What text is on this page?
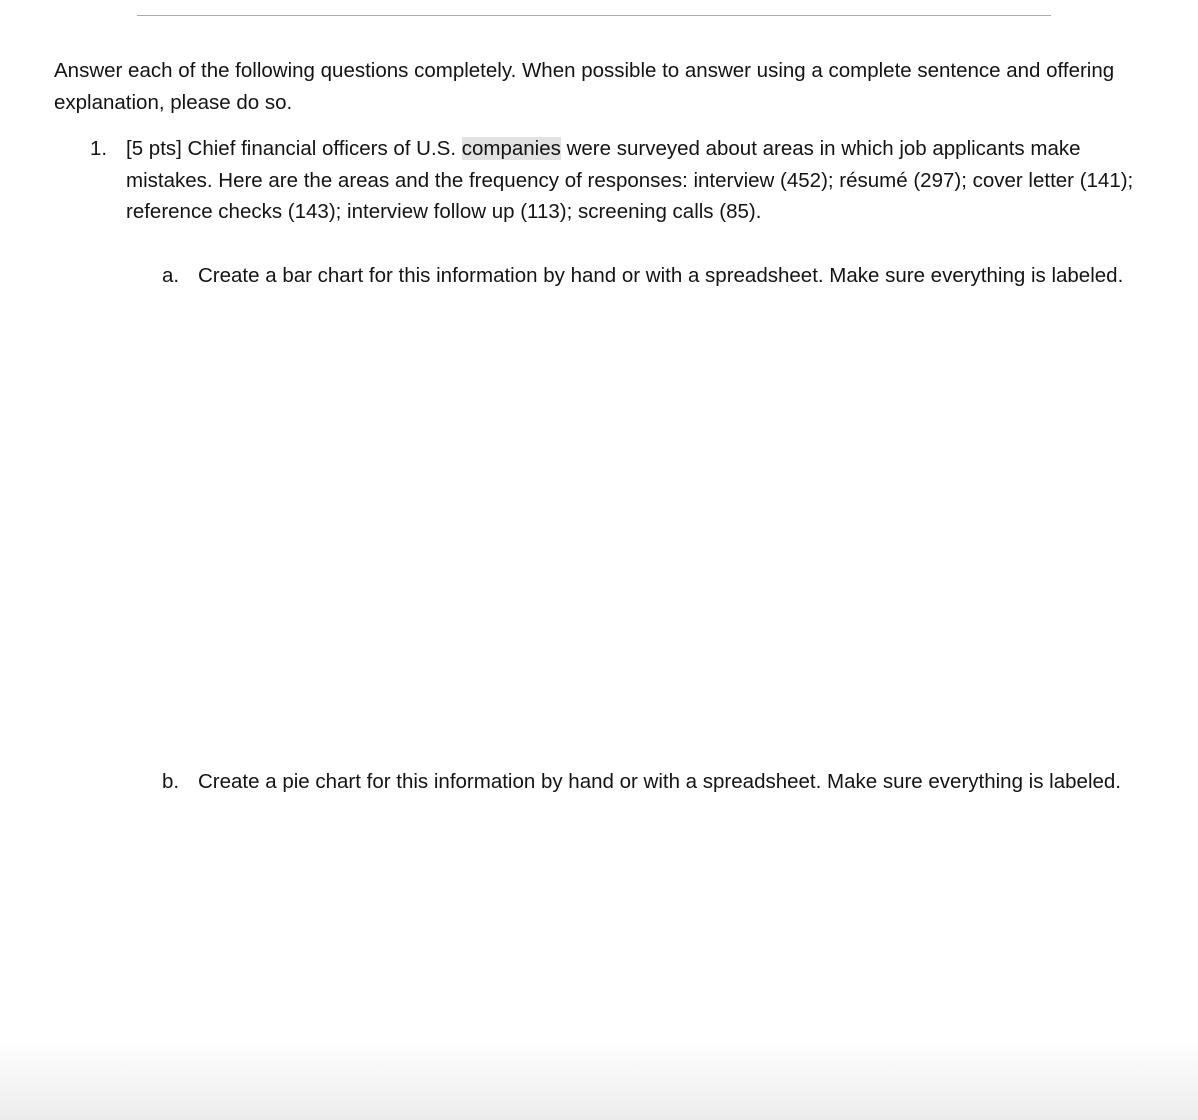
Answer each of the following questions completely. When possible to answer using a complete sentence and offering explanation, please do so.

1. [5 pts] Chief financial officers of U.S. companies were surveyed about areas in which job applicants make mistakes. Here are the areas and the frequency of responses: interview (452); résumé (297); cover letter (141); reference checks (143); interview follow up (113); screening calls (85).

a. Create a bar chart for this information by hand or with a spreadsheet. Make sure everything is labeled.

b. Create a pie chart for this information by hand or with a spreadsheet. Make sure everything is labeled.
